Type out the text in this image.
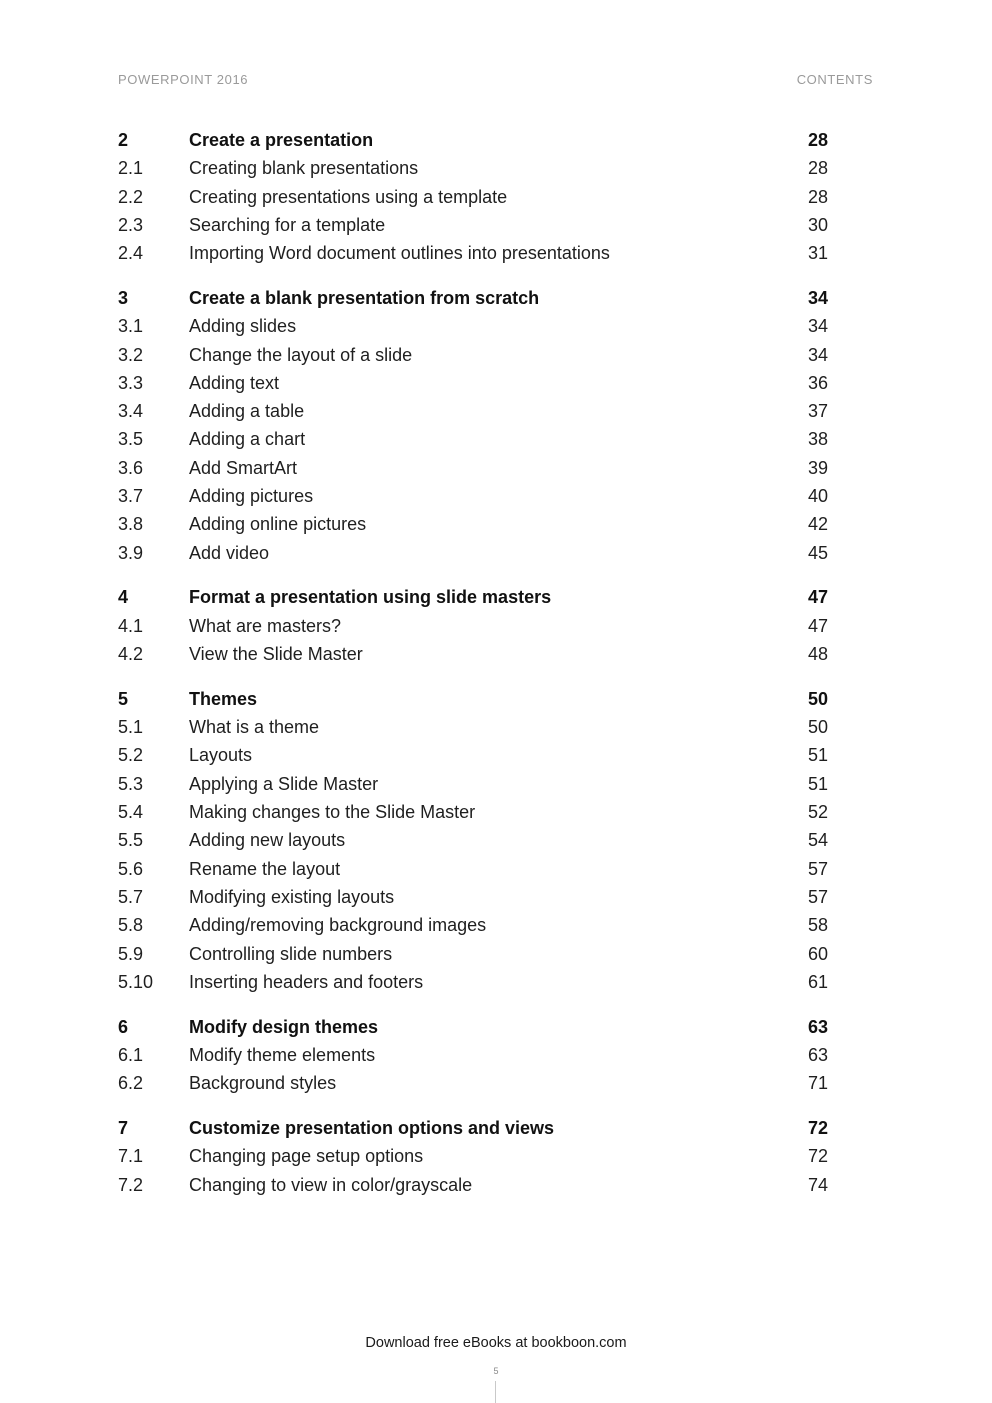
POWERPOINT 2016	CONTENTS
2	Create a presentation	28
2.1	Creating blank presentations	28
2.2	Creating presentations using a template	28
2.3	Searching for a template	30
2.4	Importing Word document outlines into presentations	31
3	Create a blank presentation from scratch	34
3.1	Adding slides	34
3.2	Change the layout of a slide	34
3.3	Adding text	36
3.4	Adding a table	37
3.5	Adding a chart	38
3.6	Add SmartArt	39
3.7	Adding pictures	40
3.8	Adding online pictures	42
3.9	Add video	45
4	Format a presentation using slide masters	47
4.1	What are masters?	47
4.2	View the Slide Master	48
5	Themes	50
5.1	What is a theme	50
5.2	Layouts	51
5.3	Applying a Slide Master	51
5.4	Making changes to the Slide Master	52
5.5	Adding new layouts	54
5.6	Rename the layout	57
5.7	Modifying existing layouts	57
5.8	Adding/removing background images	58
5.9	Controlling slide numbers	60
5.10 Inserting headers and footers	61
6	Modify design themes	63
6.1	Modify theme elements	63
6.2	Background styles	71
7	Customize presentation options and views	72
7.1	Changing page setup options	72
7.2	Changing to view in color/grayscale	74
Download free eBooks at bookboon.com
5
